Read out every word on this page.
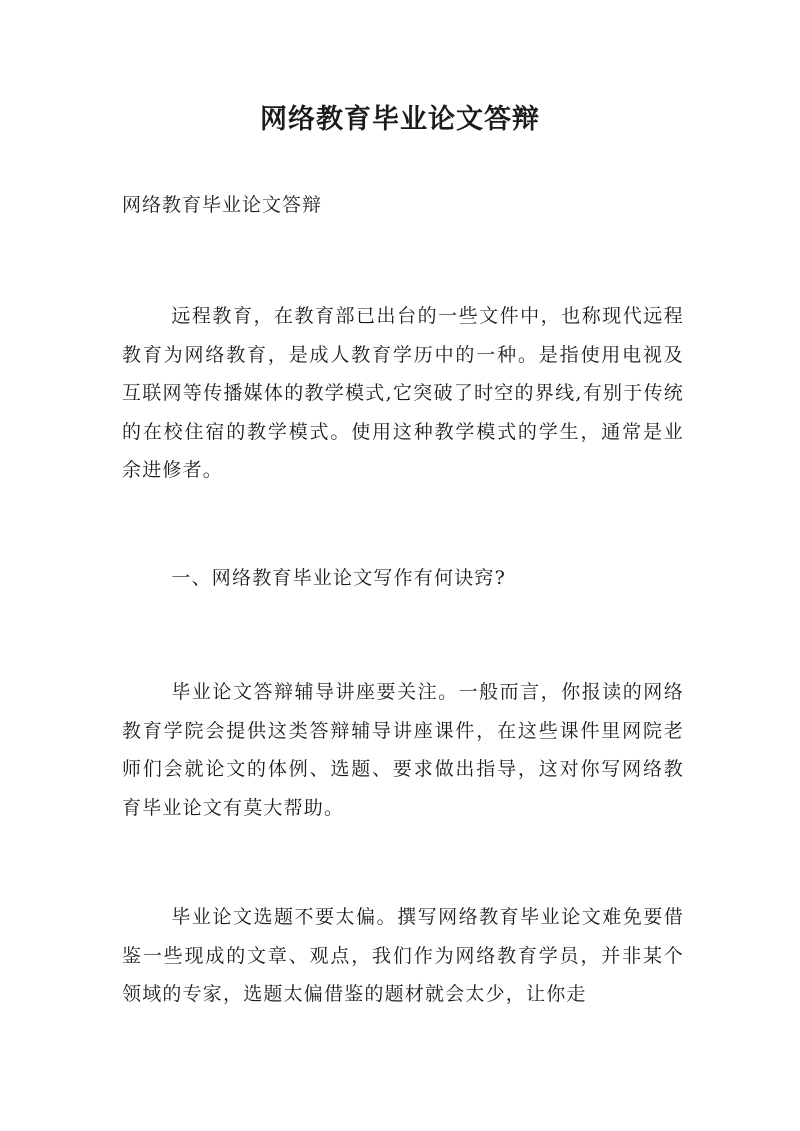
网络教育毕业论文答辩
网络教育毕业论文答辩

远程教育，在教育部已出台的一些文件中，也称现代远程教育为网络教育，是成人教育学历中的一种。是指使用电视及互联网等传播媒体的教学模式,它突破了时空的界线,有别于传统的在校住宿的教学模式。使用这种教学模式的学生，通常是业余进修者。

一、网络教育毕业论文写作有何诀窍?

毕业论文答辩辅导讲座要关注。一般而言，你报读的网络教育学院会提供这类答辩辅导讲座课件，在这些课件里网院老师们会就论文的体例、选题、要求做出指导，这对你写网络教育毕业论文有莫大帮助。

毕业论文选题不要太偏。撰写网络教育毕业论文难免要借鉴一些现成的文章、观点，我们作为网络教育学员，并非某个领域的专家，选题太偏借鉴的题材就会太少，让你走
